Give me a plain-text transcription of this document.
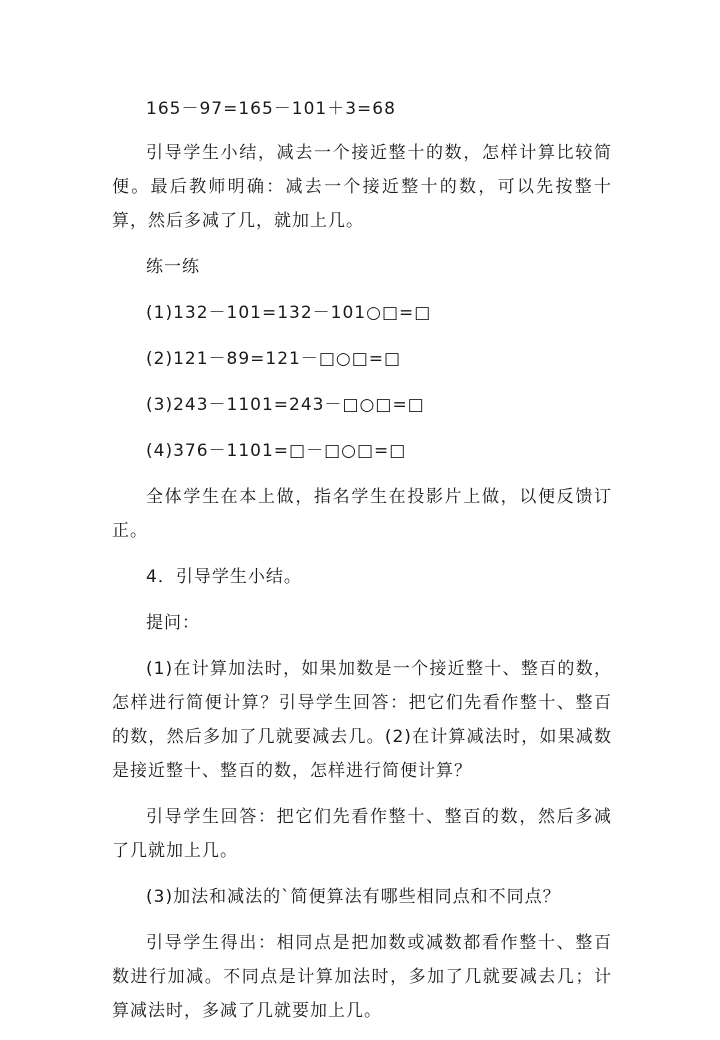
165－97=165－101＋3=68

引导学生小结，减去一个接近整十的数，怎样计算比较简便。最后教师明确：减去一个接近整十的数，可以先按整十算，然后多减了几，就加上几。

练一练

(1)132－101=132－101○□=□

(2)121－89=121－□○□=□

(3)243－1101=243－□○□=□

(4)376－1101=□－□○□=□

全体学生在本上做，指名学生在投影片上做，以便反馈订正。

4．引导学生小结。

提问：

(1)在计算加法时，如果加数是一个接近整十、整百的数，怎样进行简便计算？引导学生回答：把它们先看作整十、整百的数，然后多加了几就要减去几。(2)在计算减法时，如果减数是接近整十、整百的数，怎样进行简便计算？

引导学生回答：把它们先看作整十、整百的数，然后多减了几就加上几。

(3)加法和减法的`简便算法有哪些相同点和不同点？

引导学生得出：相同点是把加数或减数都看作整十、整百数进行加减。不同点是计算加法时，多加了几就要减去几；计算减法时，多减了几就要加上几。
